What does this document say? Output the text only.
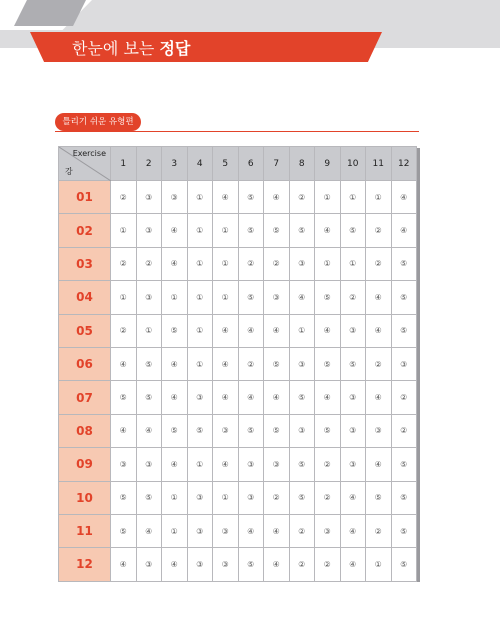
한눈에 보는 정답
틀리기 쉬운 유형편
Exercise
강	1	2	3	4	5	6	7	8	9	10	11	12
01	②	③	③	①	④	⑤	④	②	①	①	①	④
02	①	③	④	①	①	⑤	⑤	⑤	④	⑤	②	④
03	②	②	④	①	①	②	②	③	①	①	②	⑤
04	①	③	①	①	①	⑤	③	④	⑤	②	④	⑤
05	②	①	⑤	①	④	④	④	①	④	③	④	⑤
06	④	⑤	④	①	④	②	⑤	③	⑤	⑤	②	③
07	⑤	⑤	④	③	④	④	④	⑤	④	③	④	②
08	④	④	⑤	⑤	③	⑤	⑤	③	⑤	③	③	②
09	③	③	④	①	④	③	③	⑤	②	③	④	⑤
10	⑤	⑤	①	③	①	③	②	⑤	②	④	⑤	⑤
11	⑤	④	①	③	③	④	④	②	③	④	②	⑤
12	④	③	④	③	③	⑤	④	②	②	④	①	⑤
